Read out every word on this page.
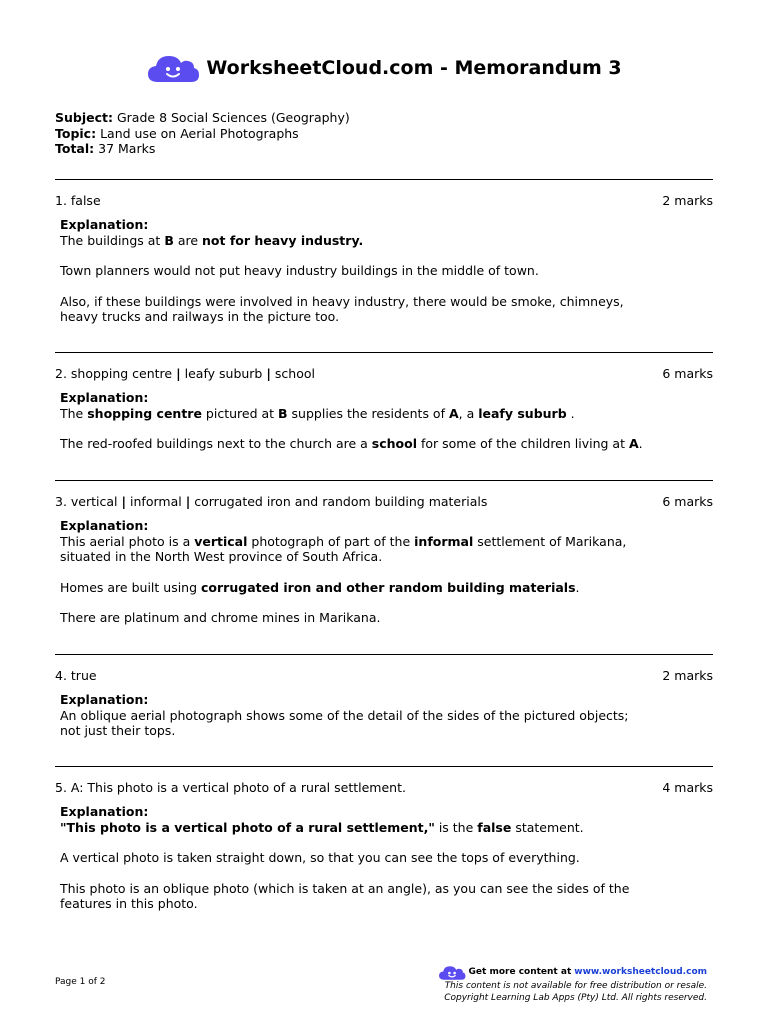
WorksheetCloud.com - Memorandum 3
Subject: Grade 8 Social Sciences (Geography)
Topic: Land use on Aerial Photographs
Total: 37 Marks
1. false	2 marks

Explanation:

The buildings at B are not for heavy industry.

Town planners would not put heavy industry buildings in the middle of town.

Also, if these buildings were involved in heavy industry, there would be smoke, chimneys, heavy trucks and railways in the picture too.

2. shopping centre | leafy suburb | school	6 marks

Explanation:

The shopping centre pictured at B supplies the residents of A, a leafy suburb .

The red-roofed buildings next to the church are a school for some of the children living at A.

3. vertical | informal | corrugated iron and random building materials	6 marks

Explanation:

This aerial photo is a vertical photograph of part of the informal settlement of Marikana, situated in the North West province of South Africa.

Homes are built using corrugated iron and other random building materials.

There are platinum and chrome mines in Marikana.

4. true	2 marks

Explanation:

An oblique aerial photograph shows some of the detail of the sides of the pictured objects; not just their tops.

5. A: This photo is a vertical photo of a rural settlement.	4 marks

Explanation:

"This photo is a vertical photo of a rural settlement," is the false statement.

A vertical photo is taken straight down, so that you can see the tops of everything.

This photo is an oblique photo (which is taken at an angle), as you can see the sides of the features in this photo.

Page 1 of 2
Get more content at www.worksheetcloud.com
This content is not available for free distribution or resale.
Copyright Learning Lab Apps (Pty) Ltd. All rights reserved.
